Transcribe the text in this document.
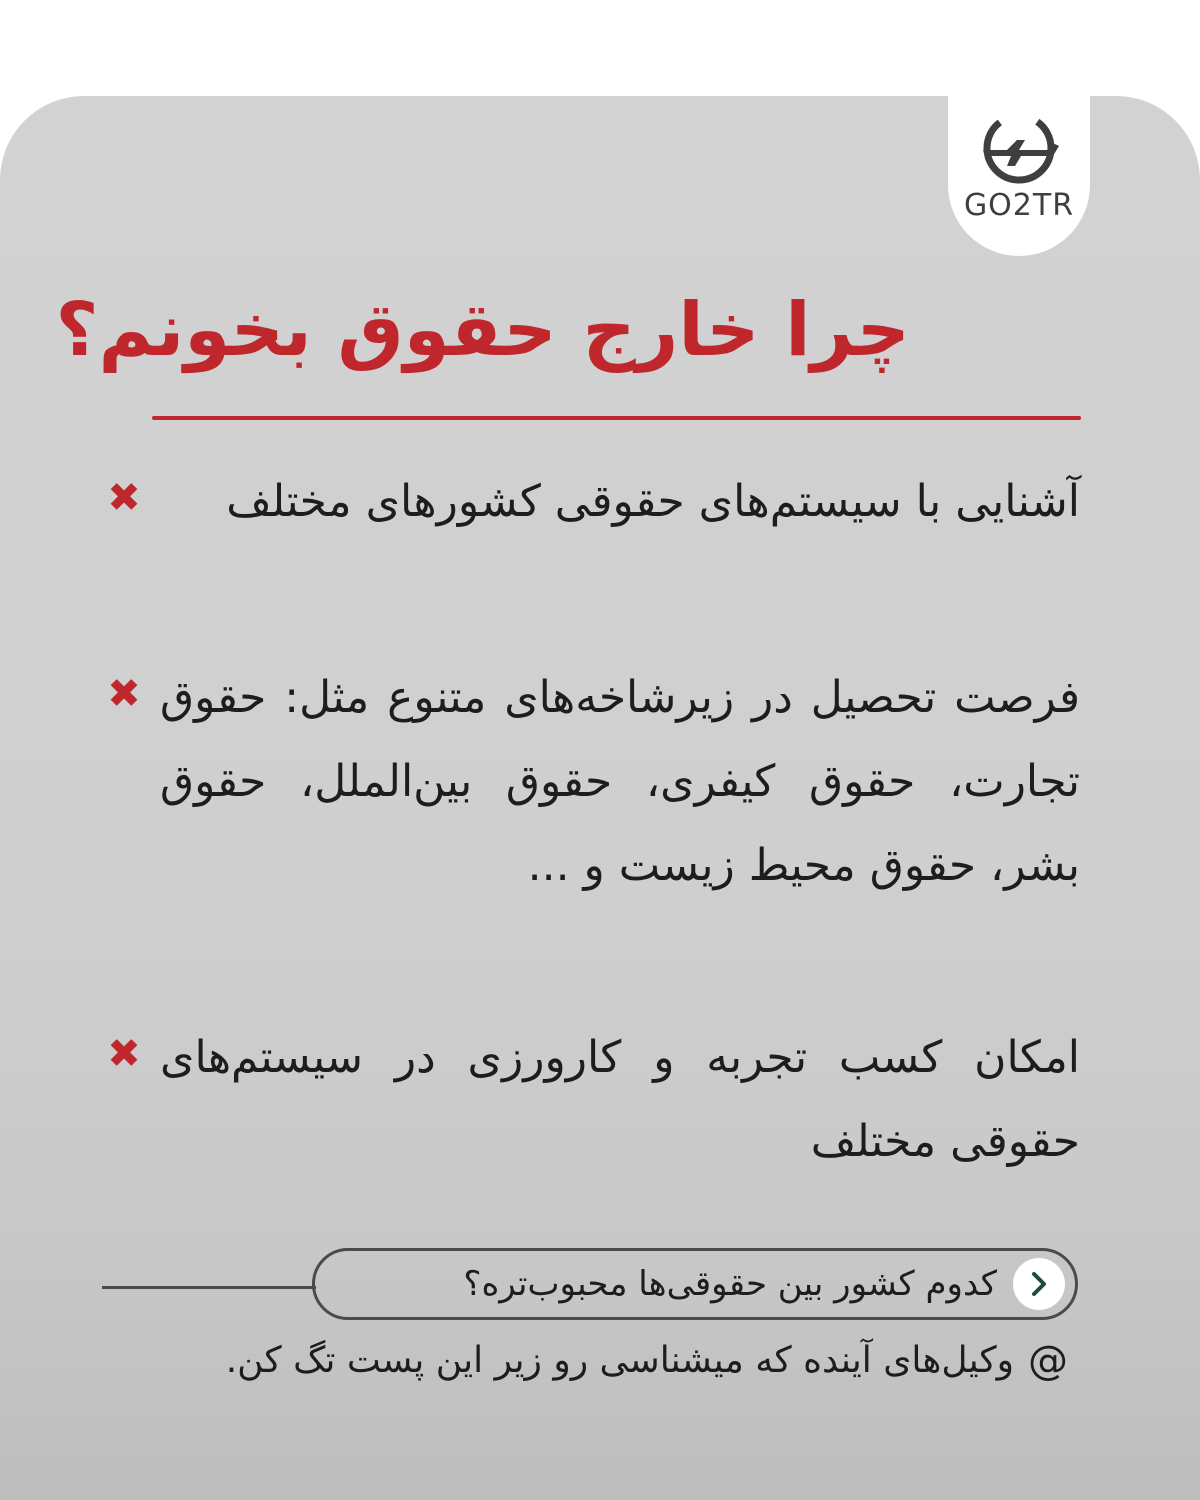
GO2TR
چرا خارج حقوق بخونم؟
✖	آشنایی با سیستم‌های حقوقی کشورهای مختلف

✖ فرصت تحصیل در زیرشاخه‌های متنوع مثل: حقوق تجارت، حقوق کیفری، حقوق بین‌الملل، حقوق بشر، حقوق محیط زیست و ...

✖ امکان کسب تجربه و کارورزی در سیستم‌های حقوقی مختلف

کدوم کشور بین حقوقی‌ها محبوب‌تره؟
وکیل‌های آینده که میشناسی رو زیر این پست تگ کن. @
